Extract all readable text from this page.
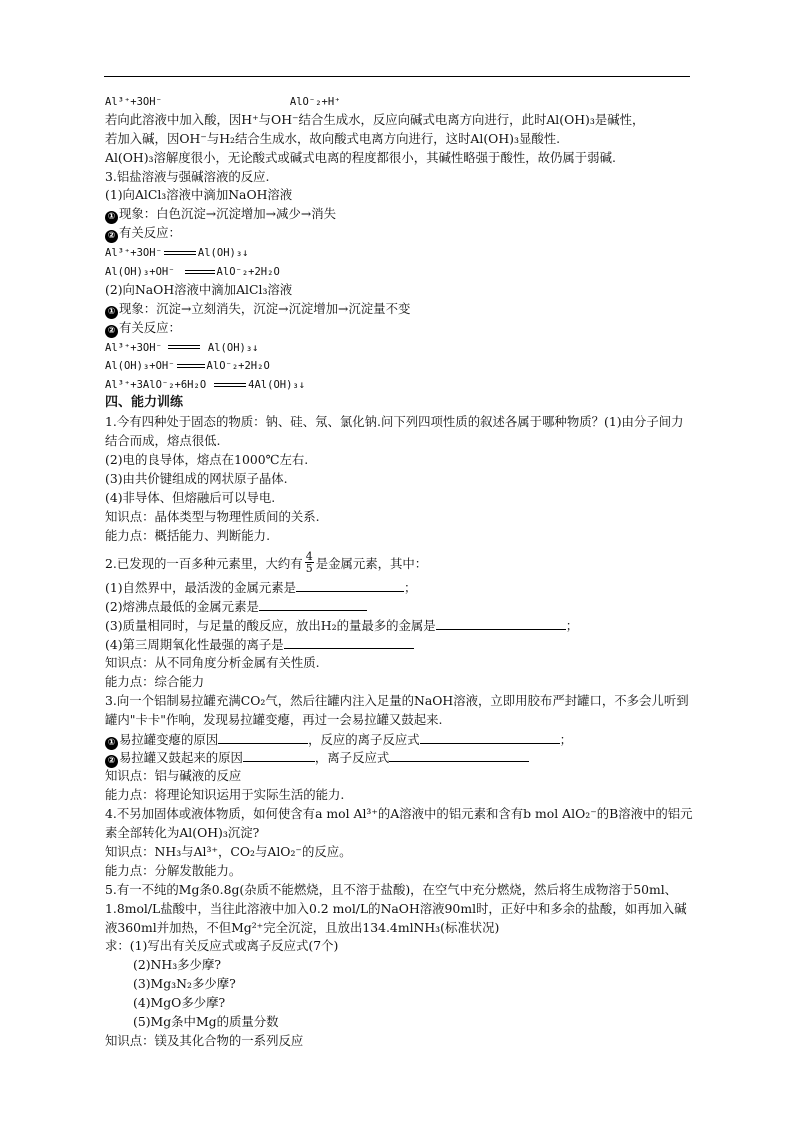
Al³⁺+3OH⁻	AlO⁻₂+H⁺
若向此溶液中加入酸，因H⁺与OH⁻结合生成水，反应向碱式电离方向进行，此时Al(OH)₃是碱性，
若加入碱，因OH⁻与H₂结合生成水，故向酸式电离方向进行，这时Al(OH)₃显酸性.
Al(OH)₃溶解度很小，无论酸式或碱式电离的程度都很小，其碱性略强于酸性，故仍属于弱碱.
3.铝盐溶液与强碱溶液的反应.
(1)向AlCl₃溶液中滴加NaOH溶液
① 现象：白色沉淀→沉淀增加→减少→消失
② 有关反应：
Al³⁺+3OH⁻	Al(OH)₃↓
Al(OH)₃+OH⁻	AlO⁻₂+2H₂O
(2)向NaOH溶液中滴加AlCl₃溶液
① 现象：沉淀→立刻消失，沉淀→沉淀增加→沉淀量不变
② 有关反应：
Al³⁺+3OH⁻	Al(OH)₃↓
Al(OH)₃+OH⁻	AlO⁻₂+2H₂O
Al³⁺+3AlO⁻₂+6H₂O	4Al(OH)₃↓
四、能力训练
1.今有四种处于固态的物质：钠、硅、氖、氯化钠.问下列四项性质的叙述各属于哪种物质？(1)由分子间力结合而成，熔点很低.
(2)电的良导体，熔点在1000℃左右.
(3)由共价键组成的网状原子晶体.
(4)非导体、但熔融后可以导电.
知识点：晶体类型与物理性质间的关系.
能力点：概括能力、判断能力.
2.已发现的一百多种元素里，大约有 $\frac{4}{5}$ 是金属元素，其中：
(1)自然界中，最活泼的金属元素是	；
(2)熔沸点最低的金属元素是
(3)质量相同时，与足量的酸反应，放出H₂的量最多的金属是	；
(4)第三周期氧化性最强的离子是
知识点：从不同角度分析金属有关性质.
能力点：综合能力
3.向一个铝制易拉罐充满CO₂气，然后往罐内注入足量的NaOH溶液，立即用胶布严封罐口，不多会儿听到罐内"卡卡"作响，发现易拉罐变瘪，再过一会易拉罐又鼓起来.
① 易拉罐变瘪的原因	，反应的离子反应式	；
② 易拉罐又鼓起来的原因	，离子反应式
知识点：铝与碱液的反应
能力点：将理论知识运用于实际生活的能力.
4.不另加固体或液体物质，如何使含有a mol Al³⁺的A溶液中的铝元素和含有b mol AlO₂⁻的B溶液中的铝元素全部转化为Al(OH)₃沉淀?
知识点：NH₃与Al³⁺，CO₂与AlO₂⁻的反应。
能力点：分解发散能力。
5.有一不纯的Mg条0.8g(杂质不能燃烧，且不溶于盐酸)，在空气中充分燃烧，然后将生成物溶于50ml、1.8mol/L盐酸中，当往此溶液中加入0.2 mol/L的NaOH溶液90ml时，正好中和多余的盐酸，如再加入碱液360ml并加热，不但Mg²⁺完全沉淀，且放出134.4mlNH₃(标准状况)
求：(1)写出有关反应式或离子反应式(7个)
(2)NH₃多少摩?
(3)Mg₃N₂多少摩?
(4)MgO多少摩?
(5)Mg条中Mg的质量分数
知识点：镁及其化合物的一系列反应
